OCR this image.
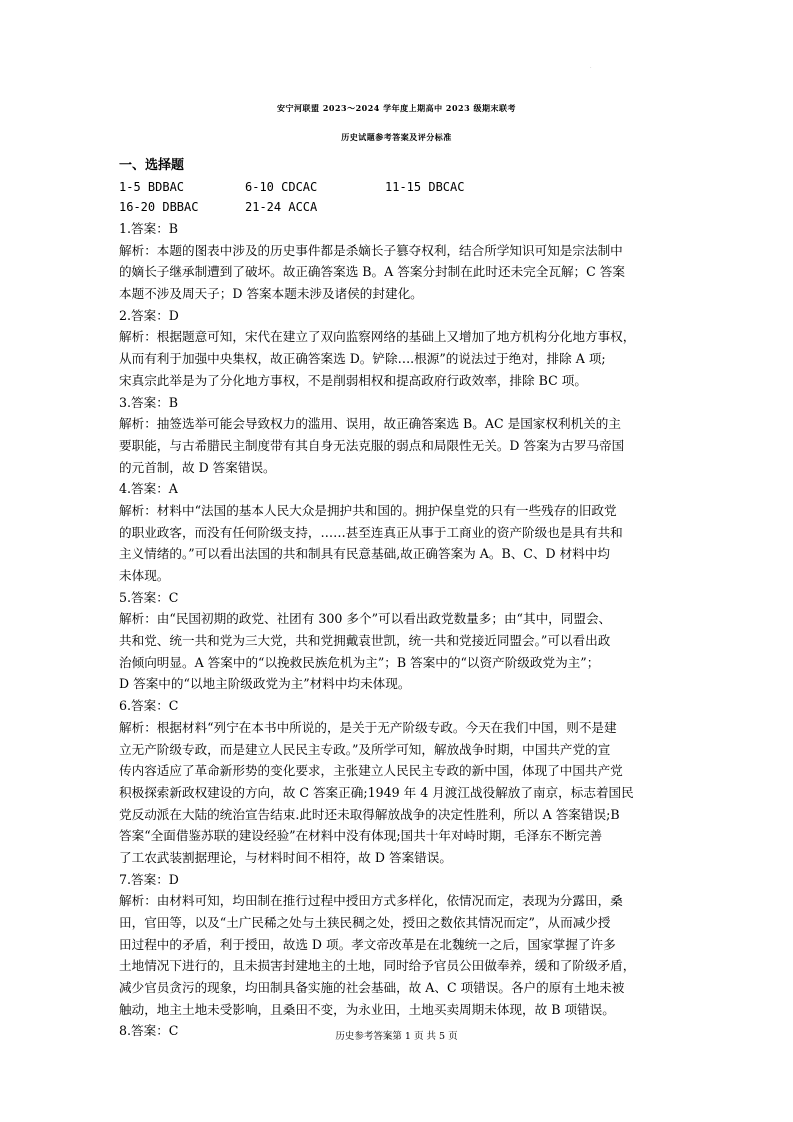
·
安宁河联盟 2023～2024 学年度上期高中 2023 级期末联考
历史试题参考答案及评分标准
一、选择题
1-5 BDBAC	6-10 CDCAC	11-15 DBCAC
16-20 DBBAC	21-24 ACCA
1.答案：B
解析：本题的图表中涉及的历史事件都是杀嫡长子篡夺权利，结合所学知识可知是宗法制中
的嫡长子继承制遭到了破坏。故正确答案选 B。A 答案分封制在此时还未完全瓦解；C 答案
本题不涉及周天子；D 答案本题未涉及诸侯的封建化。
2.答案：D
解析：根据题意可知，宋代在建立了双向监察网络的基础上又增加了地方机构分化地方事权，
从而有利于加强中央集权，故正确答案选 D。铲除….根源”的说法过于绝对，排除 A 项;
宋真宗此举是为了分化地方事权，不是削弱相权和提高政府行政效率，排除 BC 项。
3.答案：B
解析：抽签选举可能会导致权力的滥用、误用，故正确答案选 B。AC 是国家权利机关的主
要职能，与古希腊民主制度带有其自身无法克服的弱点和局限性无关。D 答案为古罗马帝国
的元首制，故 D 答案错误。
4.答案：A
解析：材料中“法国的基本人民大众是拥护共和国的。拥护保皇党的只有一些残存的旧政党
的职业政客，而没有任何阶级支持，……甚至连真正从事于工商业的资产阶级也是具有共和
主义情绪的。”可以看出法国的共和制具有民意基础,故正确答案为 A。B、C、D 材料中均
未体现。
5.答案：C
解析：由“民国初期的政党、社团有 300 多个”可以看出政党数量多；由“其中，同盟会、
共和党、统一共和党为三大党，共和党拥戴袁世凯，统一共和党接近同盟会。”可以看出政
治倾向明显。A 答案中的“以挽救民族危机为主”；B 答案中的“以资产阶级政党为主”；
D 答案中的“以地主阶级政党为主”材料中均未体现。
6.答案：C
解析：根据材料“列宁在本书中所说的，是关于无产阶级专政。今天在我们中国，则不是建
立无产阶级专政，而是建立人民民主专政。”及所学可知，解放战争时期，中国共产党的宣
传内容适应了革命新形势的变化要求，主张建立人民民主专政的新中国，体现了中国共产党
积极探索新政权建设的方向，故 C 答案正确;1949 年 4 月渡江战役解放了南京，标志着国民
党反动派在大陆的统治宣告结束.此时还未取得解放战争的决定性胜利，所以 A 答案错误;B
答案“全面借鉴苏联的建设经验”在材料中没有体现;国共十年对峙时期，毛泽东不断完善
了工农武装割据理论，与材料时间不相符，故 D 答案错误。
7.答案：D
解析：由材料可知，均田制在推行过程中授田方式多样化，依情况而定，表现为分露田，桑
田，官田等，以及“土广民稀之处与土狭民稠之处，授田之数依其情况而定”，从而减少授
田过程中的矛盾，利于授田，故选 D 项。孝文帝改革是在北魏统一之后，国家掌握了许多
土地情况下进行的，且未损害封建地主的土地，同时给予官员公田做奉养，缓和了阶级矛盾，
减少官员贪污的现象，均田制具备实施的社会基础，故 A、C 项错误。各户的原有土地未被
触动，地主土地未受影响，且桑田不变，为永业田，土地买卖周期未体现，故 B 项错误。
8.答案：C	历史参考答案第 1 页 共 5 页
